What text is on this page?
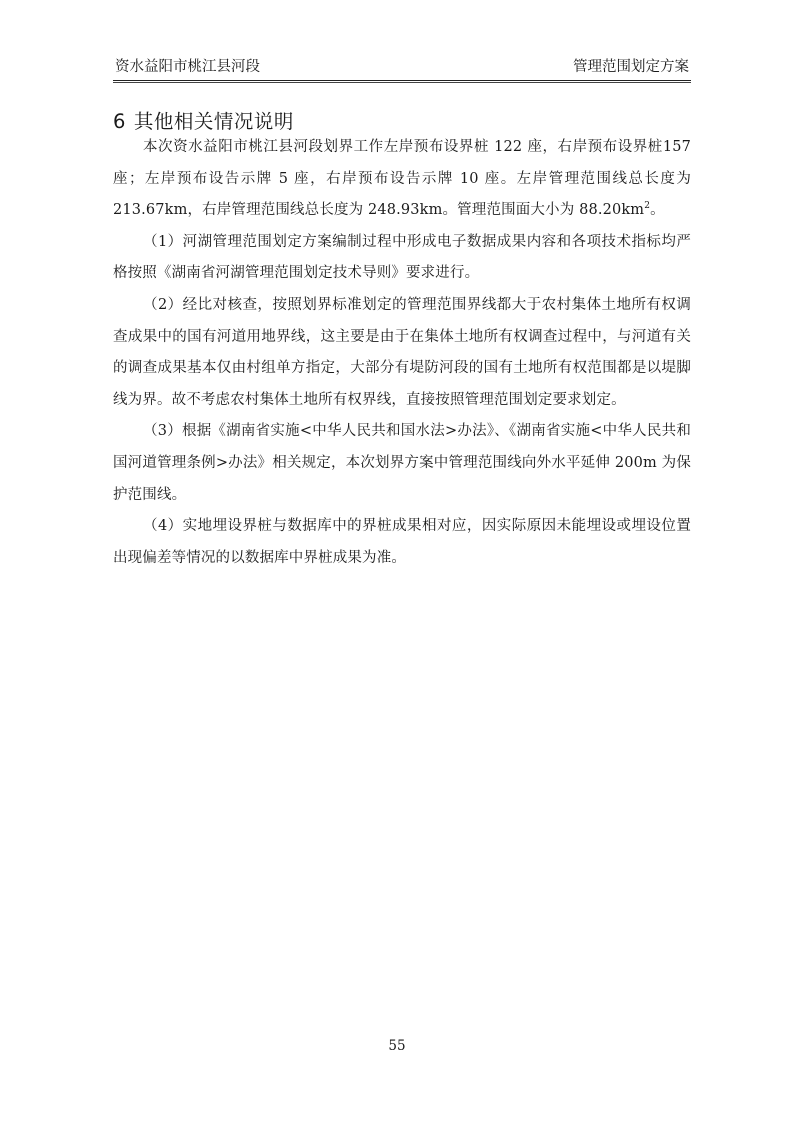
资水益阳市桃江县河段	管理范围划定方案
6 其他相关情况说明

本次资水益阳市桃江县河段划界工作左岸预布设界桩 122 座，右岸预布设界桩157 座；左岸预布设告示牌 5 座，右岸预布设告示牌 10 座。左岸管理范围线总长度为 213.67km，右岸管理范围线总长度为 248.93km。管理范围面大小为 $88.20km^2$。

（1）河湖管理范围划定方案编制过程中形成电子数据成果内容和各项技术指标均严格按照《湖南省河湖管理范围划定技术导则》要求进行。

（2）经比对核查，按照划界标准划定的管理范围界线都大于农村集体土地所有权调查成果中的国有河道用地界线，这主要是由于在集体土地所有权调查过程中，与河道有关的调查成果基本仅由村组单方指定，大部分有堤防河段的国有土地所有权范围都是以堤脚线为界。故不考虑农村集体土地所有权界线，直接按照管理范围划定要求划定。

（3）根据《湖南省实施<中华人民共和国水法>办法》、《湖南省实施<中华人民共和国河道管理条例>办法》相关规定，本次划界方案中管理范围线向外水平延伸 200m 为保护范围线。

（4）实地埋设界桩与数据库中的界桩成果相对应，因实际原因未能埋设或埋设位置出现偏差等情况的以数据库中界桩成果为准。

55
